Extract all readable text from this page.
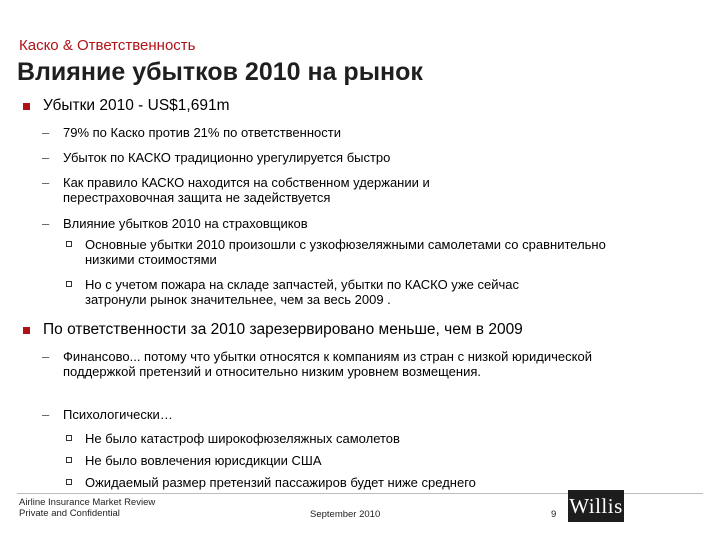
Каско & Ответственность
Влияние убытков 2010 на рынок
Убытки 2010 - US$1,691m
– 79% по Каско против 21% по ответственности
– Убыток по КАСКО традиционно урегулируется быстро
– Как правило КАСКО находится на собственном удержании и перестраховочная защита не задействуется
– Влияние убытков 2010 на страховщиков
Основные убытки 2010 произошли с узкофюзеляжными самолетами со сравнительно низкими стоимостями
Но с учетом пожара на складе запчастей, убытки по КАСКО уже сейчас затронули рынок значительнее, чем за весь 2009 .
По ответственности за 2010 зарезервировано меньше, чем в 2009
– Финансово... потому что убытки относятся к компаниям из стран с низкой юридической поддержкой претензий и относительно низким уровнем возмещения.
– Психологически…
Не было катастроф широкофюзеляжных самолетов
Не было вовлечения юрисдикции США
Ожидаемый размер претензий пассажиров будет ниже среднего
Airline Insurance Market Review
Private and Confidential	September 2010	9 Willis
